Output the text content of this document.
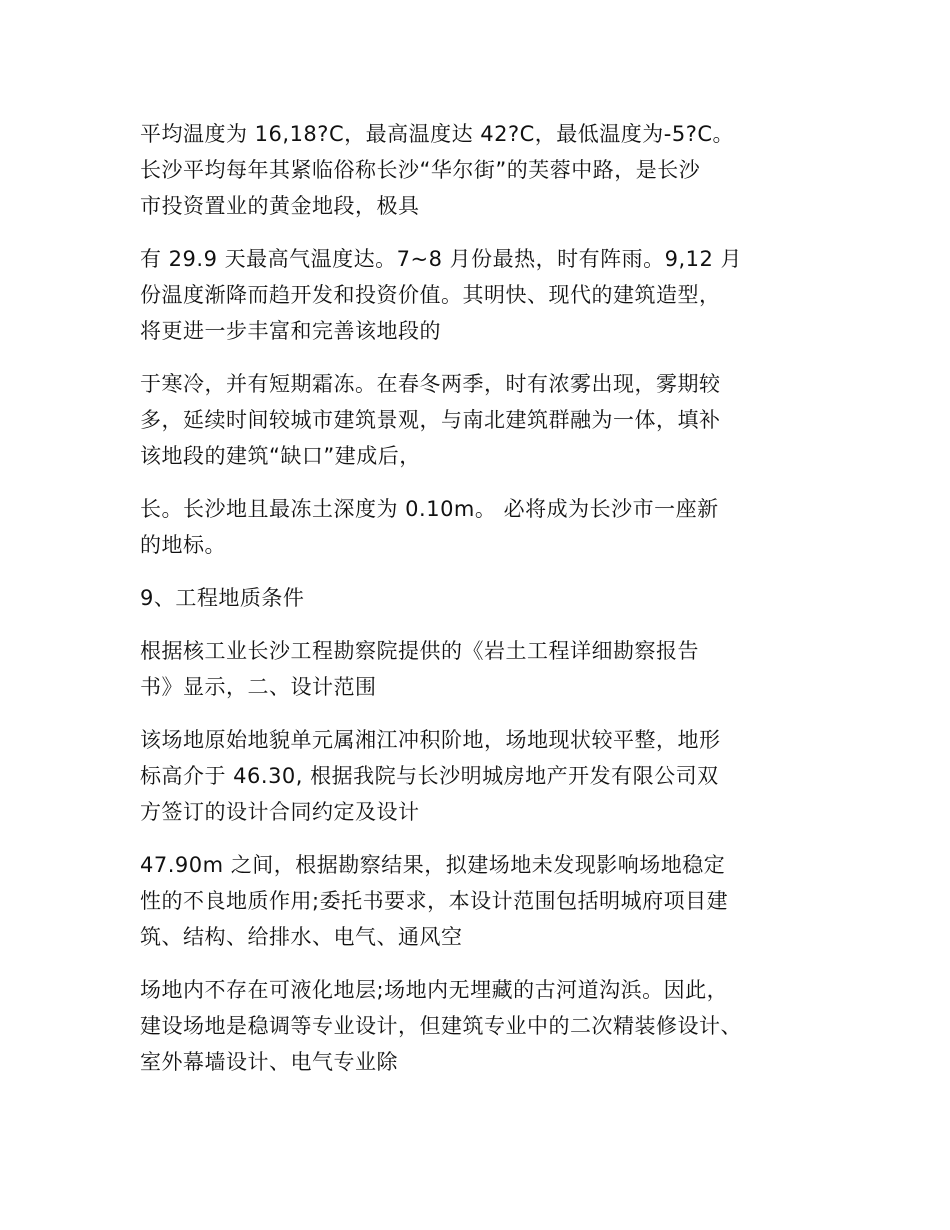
平均温度为 16,18?C，最高温度达 42?C，最低温度为-5?C。
长沙平均每年其紧临俗称长沙“华尔街”的芙蓉中路，是长沙
市投资置业的黄金地段，极具

有 29.9 天最高气温度达。7~8 月份最热，时有阵雨。9,12 月
份温度渐降而趋开发和投资价值。其明快、现代的建筑造型，
将更进一步丰富和完善该地段的

于寒冷，并有短期霜冻。在春冬两季，时有浓雾出现，雾期较
多，延续时间较城市建筑景观，与南北建筑群融为一体，填补
该地段的建筑“缺口”建成后，

长。长沙地且最冻土深度为 0.10m。 必将成为长沙市一座新
的地标。

9、工程地质条件

根据核工业长沙工程勘察院提供的《岩土工程详细勘察报告
书》显示，二、设计范围

该场地原始地貌单元属湘江冲积阶地，场地现状较平整，地形
标高介于 46.30, 根据我院与长沙明城房地产开发有限公司双
方签订的设计合同约定及设计

47.90m 之间，根据勘察结果，拟建场地未发现影响场地稳定
性的不良地质作用;委托书要求，本设计范围包括明城府项目建
筑、结构、给排水、电气、通风空

场地内不存在可液化地层;场地内无埋藏的古河道沟浜。因此，
建设场地是稳调等专业设计，但建筑专业中的二次精装修设计、
室外幕墙设计、电气专业除
